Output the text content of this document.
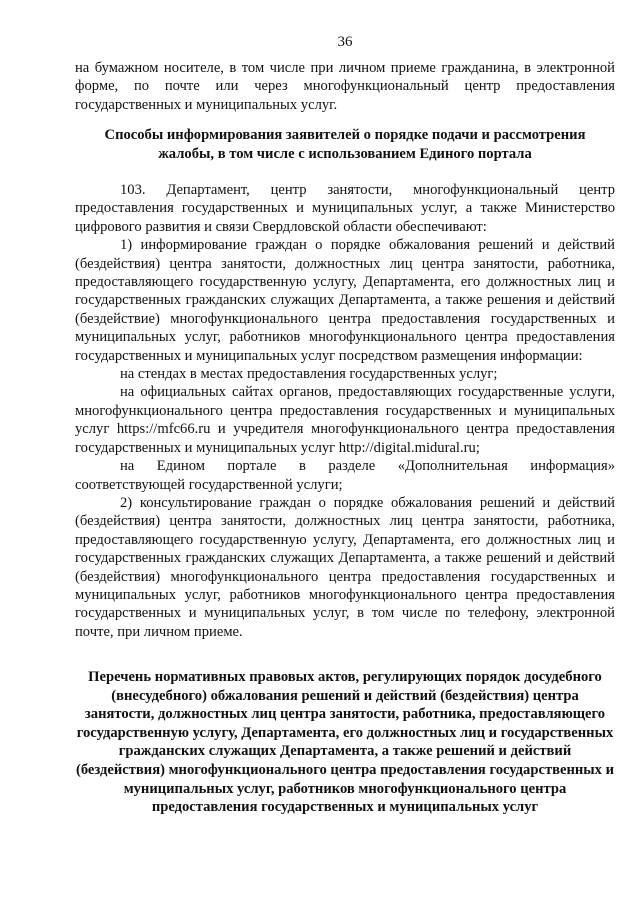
36

на бумажном носителе, в том числе при личном приеме гражданина, в электронной форме, по почте или через многофункциональный центр предоставления государственных и муниципальных услуг.

Способы информирования заявителей о порядке подачи и рассмотрения жалобы, в том числе с использованием Единого портала

103. Департамент, центр занятости, многофункциональный центр предоставления государственных и муниципальных услуг, а также Министерство цифрового развития и связи Свердловской области обеспечивают:

1) информирование граждан о порядке обжалования решений и действий (бездействия) центра занятости, должностных лиц центра занятости, работника, предоставляющего государственную услугу, Департамента, его должностных лиц и государственных гражданских служащих Департамента, а также решения и действий (бездействие) многофункционального центра предоставления государственных и муниципальных услуг, работников многофункционального центра предоставления государственных и муниципальных услуг посредством размещения информации:

на стендах в местах предоставления государственных услуг;

на официальных сайтах органов, предоставляющих государственные услуги, многофункционального центра предоставления государственных и муниципальных услуг https://mfc66.ru и учредителя многофункционального центра предоставления государственных и муниципальных услуг http://digital.midural.ru;

на Едином портале в разделе «Дополнительная информация» соответствующей государственной услуги;

2) консультирование граждан о порядке обжалования решений и действий (бездействия) центра занятости, должностных лиц центра занятости, работника, предоставляющего государственную услугу, Департамента, его должностных лиц и государственных гражданских служащих Департамента, а также решений и действий (бездействия) многофункционального центра предоставления государственных и муниципальных услуг, работников многофункционального центра предоставления государственных и муниципальных услуг, в том числе по телефону, электронной почте, при личном приеме.

Перечень нормативных правовых актов, регулирующих порядок досудебного (внесудебного) обжалования решений и действий (бездействия) центра занятости, должностных лиц центра занятости, работника, предоставляющего государственную услугу, Департамента, его должностных лиц и государственных гражданских служащих Департамента, а также решений и действий (бездействия) многофункционального центра предоставления государственных и муниципальных услуг, работников многофункционального центра предоставления государственных и муниципальных услуг
